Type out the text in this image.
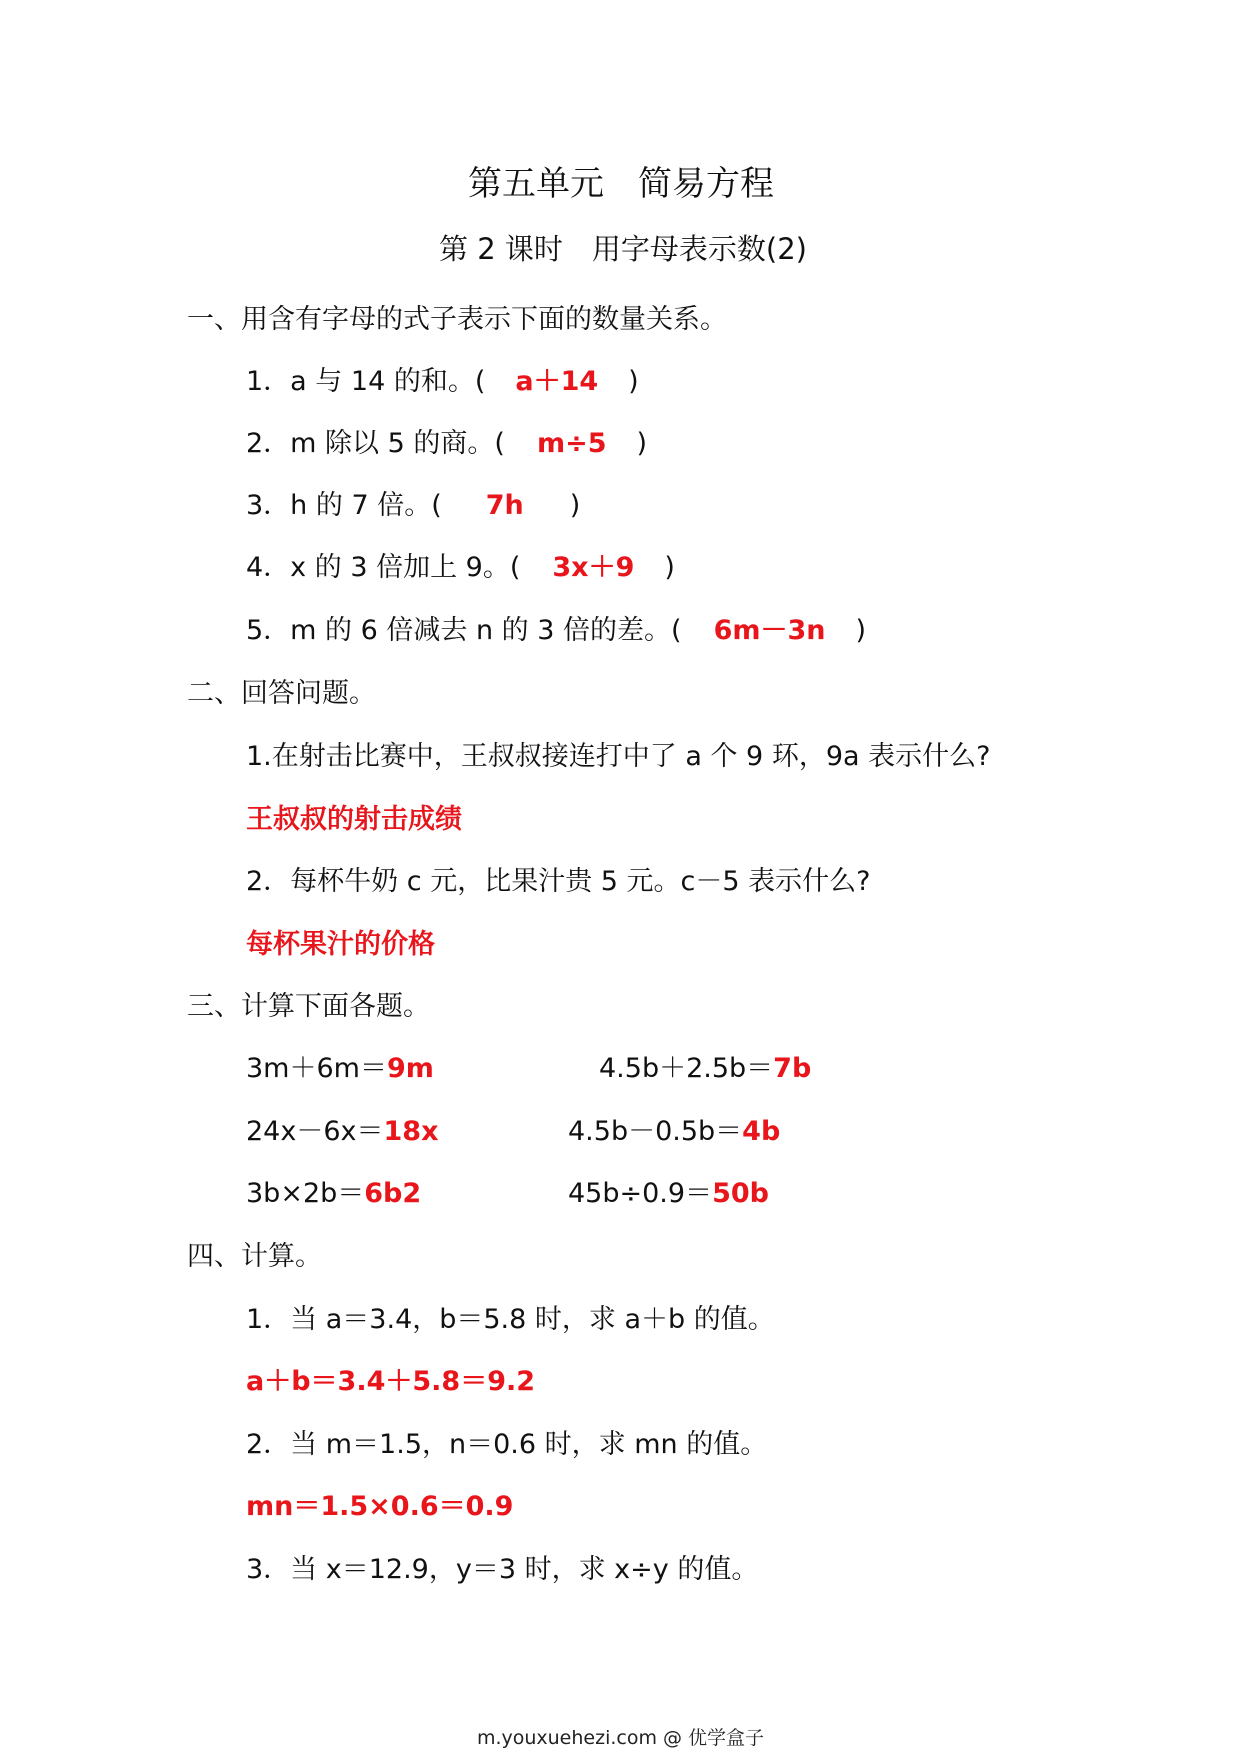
第五单元　简易方程
第 2 课时　用字母表示数(2)
一、用含有字母的式子表示下面的数量关系。
1．a 与 14 的和。( a＋14 )
2．m 除以 5 的商。( m÷5 )
3．h 的 7 倍。( 7h )
4．x 的 3 倍加上 9。( 3x＋9 )
5．m 的 6 倍减去 n 的 3 倍的差。( 6m－3n )
二、回答问题。
1.在射击比赛中，王叔叔接连打中了 a 个 9 环，9a 表示什么?
王叔叔的射击成绩
2．每杯牛奶 c 元，比果汁贵 5 元。c－5 表示什么?
每杯果汁的价格
三、计算下面各题。
3m＋6m＝9m	4.5b＋2.5b＝7b
24x－6x＝18x	4.5b－0.5b＝4b
3b×2b＝6b2	45b÷0.9＝50b
四、计算。
1．当 a＝3.4，b＝5.8 时，求 a＋b 的值。
a＋b＝3.4＋5.8＝9.2
2．当 m＝1.5，n＝0.6 时，求 mn 的值。
mn＝1.5×0.6＝0.9
3．当 x＝12.9，y＝3 时，求 x÷y 的值。
m.youxuehezi.com @ 优学盒子
